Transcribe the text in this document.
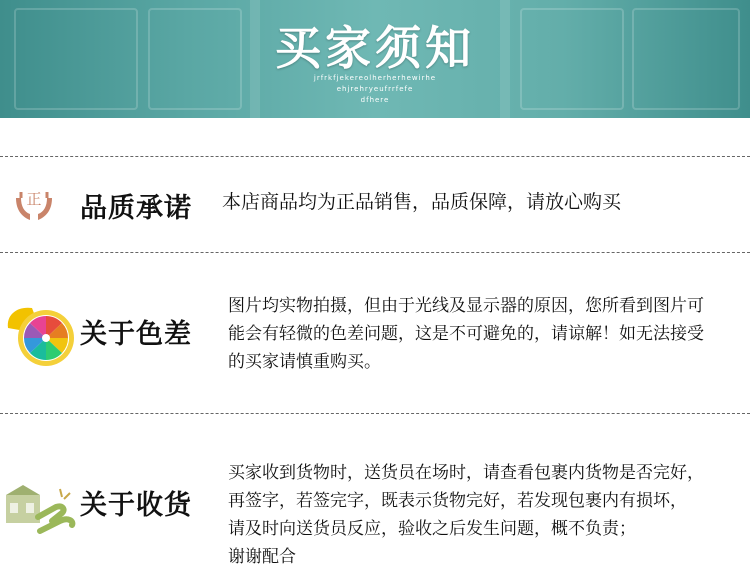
买家须知
jrfrkfjekereolherherhewirhe
ehjrehryeufrrfefe
dfhere
正 品质承诺 本店商品均为正品销售，品质保障，请放心购买

关于色差

图片均实物拍摄，但由于光线及显示器的原因，您所看到图片可

能会有轻微的色差问题，这是不可避免的，请谅解！如无法接受

的买家请慎重购买。

关于收货

买家收到货物时，送货员在场时，请查看包裹内货物是否完好，

再签字，若签完字，既表示货物完好，若发现包裹内有损坏，

请及时向送货员反应，验收之后发生问题，概不负责；

谢谢配合
